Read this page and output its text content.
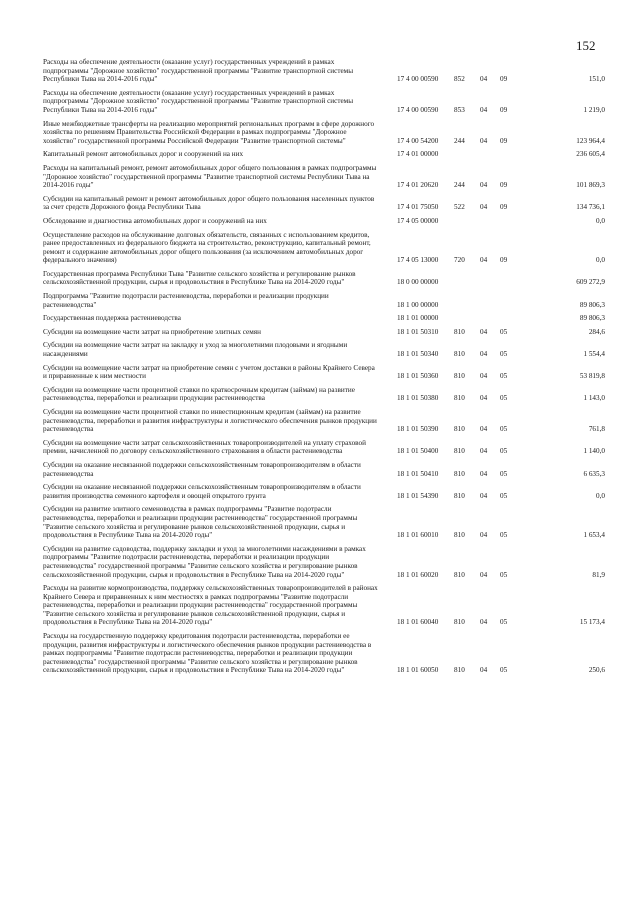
152
Расходы на обеспечение деятельности (оказание услуг) государственных учреждений в рамках подпрограммы "Дорожное хозяйство" государственной программы "Развитие транспортной системы Республики Тыва на 2014-2016 годы"	17 4 00 00590 852 04 09	151,0
Расходы на обеспечение деятельности (оказание услуг) государственных учреждений в рамках подпрограммы "Дорожное хозяйство" государственной программы "Развитие транспортной системы Республики Тыва на 2014-2016 годы"	17 4 00 00590 853 04 09	1 219,0
Иные межбюджетные трансферты на реализацию мероприятий региональных программ в сфере дорожного хозяйства по решениям Правительства Российской Федерации в рамках подпрограммы "Дорожное хозяйство" государственной программы Российской Федерации "Развитие транспортной системы"	17 4 00 54200 244 04 09	123 964,4
Капитальный ремонт автомобильных дорог и сооружений на них	17 4 01 00000	236 605,4
Расходы на капитальный ремонт, ремонт автомобильных дорог общего пользования в рамках подпрограммы "Дорожное хозяйство" государственной программы "Развитие транспортной системы Республики Тыва на 2014-2016 годы"	17 4 01 20620 244 04 09	101 869,3
Субсидии на капитальный ремонт и ремонт автомобильных дорог общего пользования населенных пунктов за счет средств Дорожного фонда Республики Тыва	17 4 01 75050 522 04 09	134 736,1
Обследование и диагностика автомобильных дорог и сооружений на них	17 4 05 00000	0,0
Осуществление расходов на обслуживание долговых обязательств, связанных с использованием кредитов, ранее предоставленных из федерального бюджета на строительство, реконструкцию, капитальный ремонт, ремонт и содержание автомобильных дорог общего пользования (за исключением автомобильных дорог федерального значения)	17 4 05 13000 720 04 09	0,0
Государственная программа Республики Тыва "Развитие сельского хозяйства и регулирование рынков сельскохозяйственной продукции, сырья и продовольствия в Республике Тыва на 2014-2020 годы"	18 0 00 00000	609 272,9
Подпрограмма "Развитие подотрасли растениеводства, переработки и реализации продукции растениеводства"	18 1 00 00000	89 806,3
Государственная поддержка растениеводства	18 1 01 00000	89 806,3
Субсидии на возмещение части затрат на приобретение элитных семян	18 1 01 50310 810 04 05	284,6
Субсидии на возмещение части затрат на закладку и уход за многолетними плодовыми и ягодными насаждениями	18 1 01 50340 810 04 05	1 554,4
Субсидии на возмещение части затрат на приобретение семян с учетом доставки в районы Крайнего Севера и приравненные к ним местности	18 1 01 50360 810 04 05	53 819,8
Субсидии на возмещение части процентной ставки по краткосрочным кредитам (займам) на развитие растениеводства, переработки и реализации продукции растениеводства	18 1 01 50380 810 04 05	1 143,0
Субсидии на возмещение части процентной ставки по инвестиционным кредитам (займам) на развитие растениеводства, переработки и развития инфраструктуры и логистического обеспечения рынков продукции растениеводства	18 1 01 50390 810 04 05	761,8
Субсидии на возмещение части затрат сельскохозяйственных товаропроизводителей на уплату страховой премии, начисленной по договору сельскохозяйственного страхования в области растениеводства	18 1 01 50400 810 04 05	1 140,0
Субсидии на оказание несвязанной поддержки сельскохозяйственным товаропроизводителям в области растениеводства	18 1 01 50410 810 04 05	6 635,3
Субсидии на оказание несвязанной поддержки сельскохозяйственным товаропроизводителям в области развития производства семенного картофеля и овощей открытого грунта	18 1 01 54390 810 04 05	0,0
Субсидии на развитие элитного семеноводства в рамках подпрограммы "Развитие подотрасли растениеводства, переработки и реализации продукции растениеводства" государственной программы "Развитие сельского хозяйства и регулирование рынков сельскохозяйственной продукции, сырья и продовольствия в Республике Тыва на 2014-2020 годы"	18 1 01 60010 810 04 05	1 653,4
Субсидии на развитие садоводства, поддержку закладки и уход за многолетними насаждениями в рамках подпрограммы "Развитие подотрасли растениеводства, переработки и реализации продукции растениеводства" государственной программы "Развитие сельского хозяйства и регулирование рынков сельскохозяйственной продукции, сырья и продовольствия в Республике Тыва на 2014-2020 годы"	18 1 01 60020 810 04 05	81,9
Расходы на развитие кормопроизводства, поддержку сельскохозяйственных товаропроизводителей в районах Крайнего Севера и приравненных к ним местностях в рамках подпрограммы "Развитие подотрасли растениеводства, переработки и реализации продукции растениеводства" государственной программы "Развитие сельского хозяйства и регулирование рынков сельскохозяйственной продукции, сырья и продовольствия в Республике Тыва на 2014-2020 годы"	18 1 01 60040 810 04 05	15 173,4
Расходы на государственную поддержку кредитования подотрасли растениеводства, переработки ее продукции, развития инфраструктуры и логистического обеспечения рынков продукции растениеводства в рамках подпрограммы "Развитие подотрасли растениеводства, переработки и реализации продукции растениеводства" государственной программы "Развитие сельского хозяйства и регулирование рынков сельскохозяйственной продукции, сырья и продовольствия в Республике Тыва на 2014-2020 годы"	18 1 01 60050 810 04 05	250,6
